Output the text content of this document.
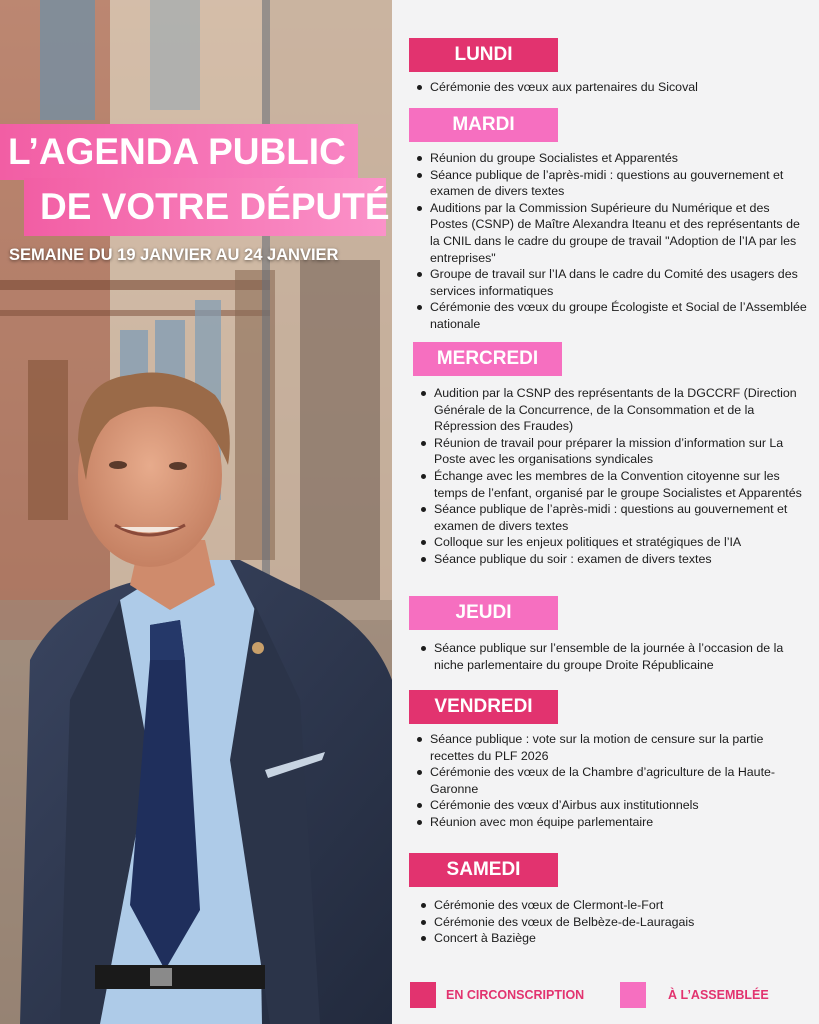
L’AGENDA PUBLIC
DE VOTRE DÉPUTÉ
SEMAINE DU 19 JANVIER AU 24 JANVIER
LUNDI
Cérémonie des vœux aux partenaires du Sicoval
MARDI
Réunion du groupe Socialistes et Apparentés
Séance publique de l’après-midi : questions au gouvernement et examen de divers textes
Auditions par la Commission Supérieure du Numérique et des Postes (CSNP) de Maître Alexandra Iteanu et des représentants de la CNIL dans le cadre du groupe de travail "Adoption de l’IA par les entreprises"
Groupe de travail sur l’IA dans le cadre du Comité des usagers des services informatiques
Cérémonie des vœux du groupe Écologiste et Social de l’Assemblée nationale
MERCREDI
Audition par la CSNP des représentants de la DGCCRF (Direction Générale de la Concurrence, de la Consommation et de la Répression des Fraudes)
Réunion de travail pour préparer la mission d’information sur La Poste avec les organisations syndicales
Échange avec les membres de la Convention citoyenne sur les temps de l’enfant, organisé par le groupe Socialistes et Apparentés
Séance publique de l’après-midi : questions au gouvernement et examen de divers textes
Colloque sur les enjeux politiques et stratégiques de l’IA
Séance publique du soir : examen de divers textes
JEUDI
Séance publique sur l’ensemble de la journée à l’occasion de la niche parlementaire du groupe Droite Républicaine
VENDREDI
Séance publique : vote sur la motion de censure sur la partie recettes du PLF 2026
Cérémonie des vœux de la Chambre d’agriculture de la Haute-Garonne
Cérémonie des vœux d’Airbus aux institutionnels
Réunion avec mon équipe parlementaire
SAMEDI
Cérémonie des vœux de Clermont-le-Fort
Cérémonie des vœux de Belbèze-de-Lauragais
Concert à Baziège
EN CIRCONSCRIPTION	À L’ASSEMBLÉE
